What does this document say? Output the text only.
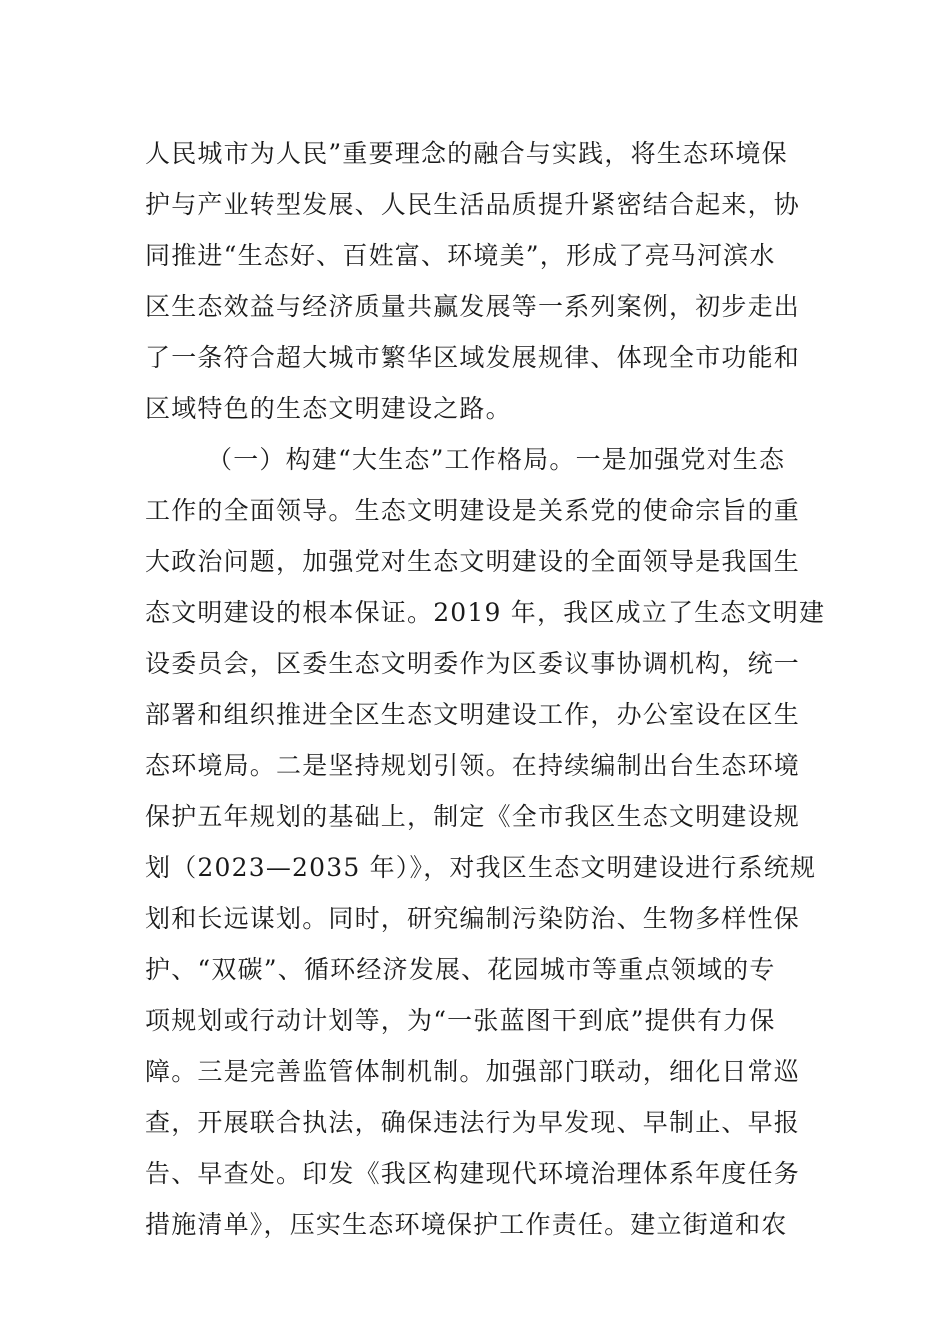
人民城市为人民”重要理念的融合与实践，将生态环境保
护与产业转型发展、人民生活品质提升紧密结合起来，协
同推进“生态好、百姓富、环境美”，形成了亮马河滨水
区生态效益与经济质量共赢发展等一系列案例，初步走出
了一条符合超大城市繁华区域发展规律、体现全市功能和
区域特色的生态文明建设之路。
（一）构建“大生态”工作格局。一是加强党对生态
工作的全面领导。生态文明建设是关系党的使命宗旨的重
大政治问题，加强党对生态文明建设的全面领导是我国生
态文明建设的根本保证。2019 年，我区成立了生态文明建
设委员会，区委生态文明委作为区委议事协调机构，统一
部署和组织推进全区生态文明建设工作，办公室设在区生
态环境局。二是坚持规划引领。在持续编制出台生态环境
保护五年规划的基础上，制定《全市我区生态文明建设规
划（2023—2035 年）》，对我区生态文明建设进行系统规
划和长远谋划。同时，研究编制污染防治、生物多样性保
护、“双碳”、循环经济发展、花园城市等重点领域的专
项规划或行动计划等，为“一张蓝图干到底”提供有力保
障。三是完善监管体制机制。加强部门联动，细化日常巡
查，开展联合执法，确保违法行为早发现、早制止、早报
告、早查处。印发《我区构建现代环境治理体系年度任务
措施清单》，压实生态环境保护工作责任。建立街道和农
